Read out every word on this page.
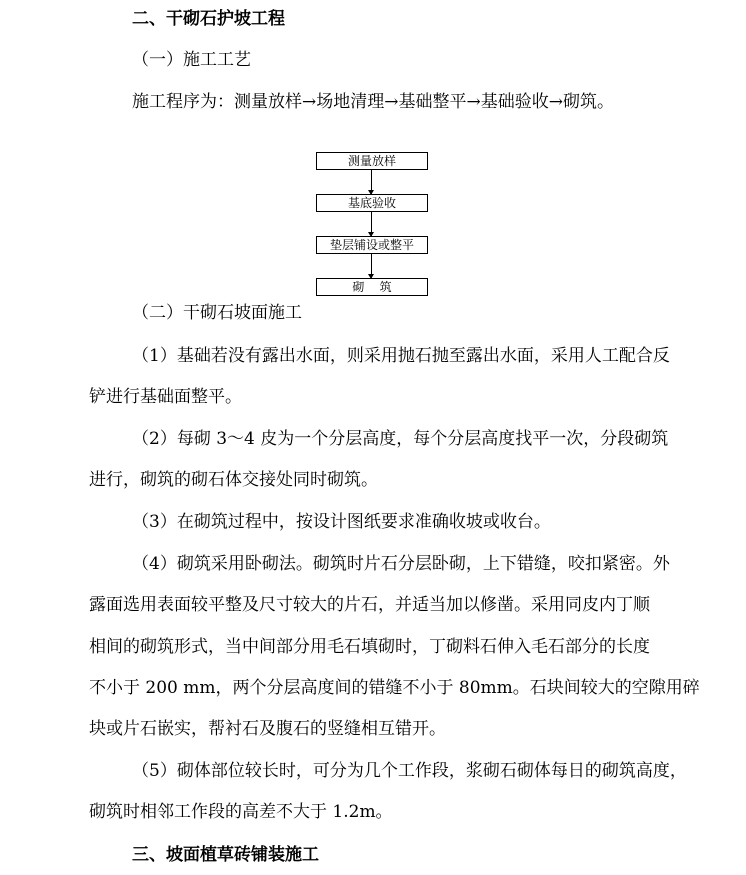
二、干砌石护坡工程
（一）施工工艺
施工程序为：测量放样→场地清理→基础整平→基础验收→砌筑。
测量放样
基底验收
垫层铺设或整平
砌    筑
（二）干砌石坡面施工
（1）基础若没有露出水面，则采用抛石抛至露出水面，采用人工配合反
铲进行基础面整平。
（2）每砌 3～4 皮为一个分层高度，每个分层高度找平一次，分段砌筑
进行，砌筑的砌石体交接处同时砌筑。
（3）在砌筑过程中，按设计图纸要求准确收坡或收台。
（4）砌筑采用卧砌法。砌筑时片石分层卧砌，上下错缝，咬扣紧密。外
露面选用表面较平整及尺寸较大的片石，并适当加以修凿。采用同皮内丁顺
相间的砌筑形式，当中间部分用毛石填砌时，丁砌料石伸入毛石部分的长度
不小于 200 mm，两个分层高度间的错缝不小于 80mm。石块间较大的空隙用碎
块或片石嵌实，帮衬石及腹石的竖缝相互错开。
（5）砌体部位较长时，可分为几个工作段，浆砌石砌体每日的砌筑高度，
砌筑时相邻工作段的高差不大于 1.2m。
三、坡面植草砖铺装施工
